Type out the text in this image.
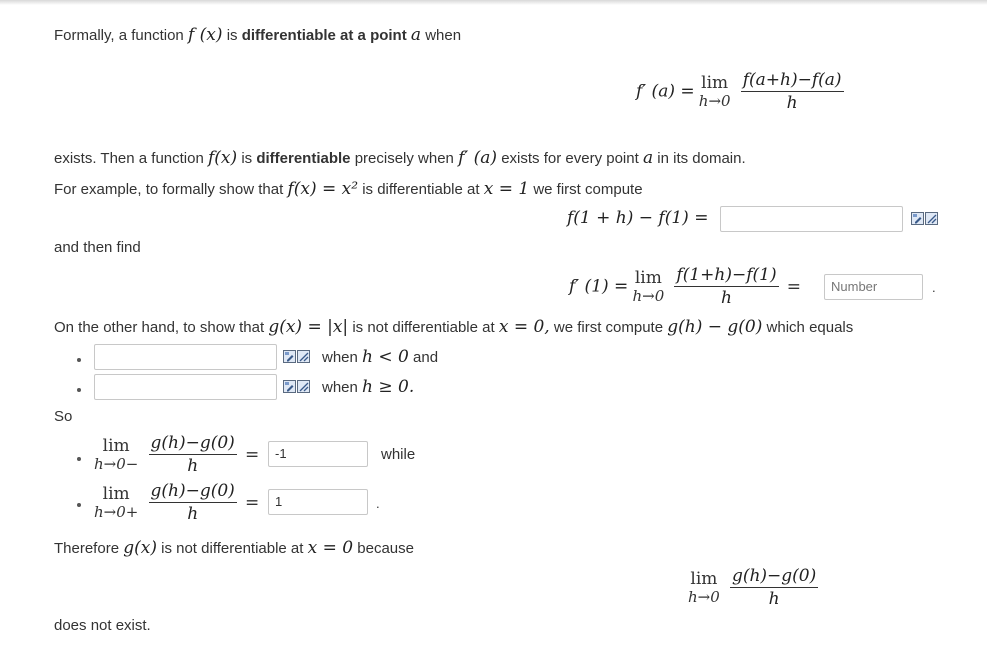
Formally, a function f (x) is differentiable at a point a when
f′ (a) = lim
h→0
$\frac{f(a+h)-f(a)}{h}$
exists. Then a function f(x) is differentiable precisely when f′ (a) exists for every point a in its domain.
For example, to formally show that f(x) = x² is differentiable at x = 1 we first compute
f(1 + h) − f(1) =
and then find
f′ (1) = lim
h→0
$\frac{f(1+h)-f(1)}{h}$ =	Number	.
On the other hand, to show that g(x) = |x| is not differentiable at x = 0, we first compute g(h) − g(0) which equals
when h < 0 and
when h ≥ 0.
So
lim
h→0−
$\frac{g(h)-g(0)}{h}$ =	-1	while
lim
h→0+
$\frac{g(h)-g(0)}{h}$ =	1	.
Therefore g(x) is not differentiable at x = 0 because
lim
h→0
$\frac{g(h)-g(0)}{h}$
does not exist.
